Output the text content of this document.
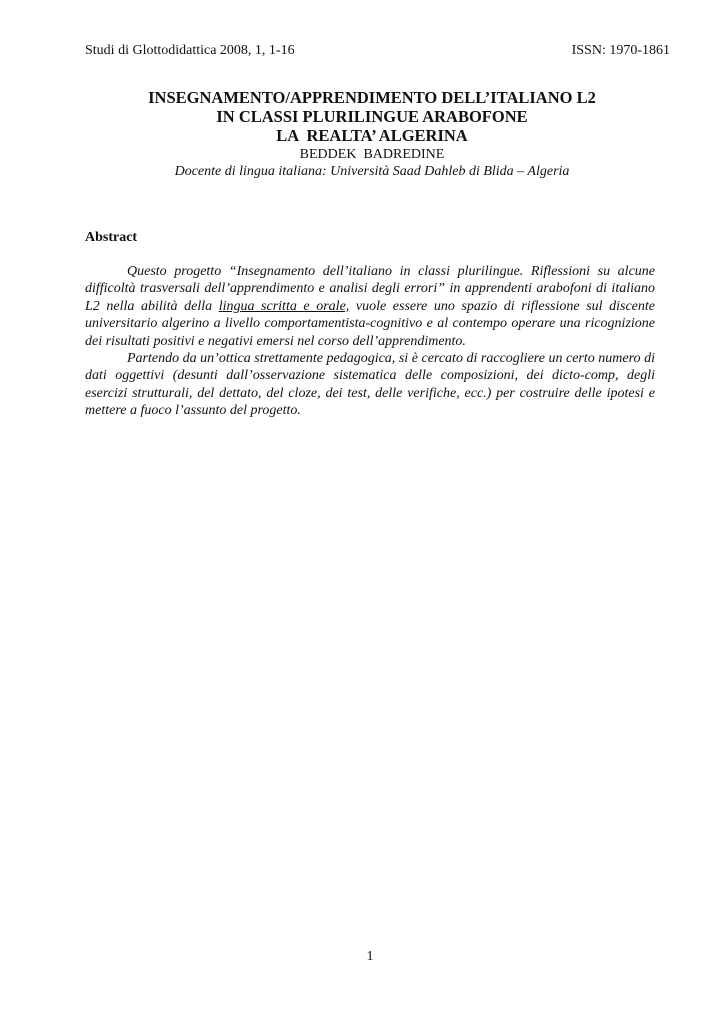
Studi di Glottodidattica 2008, 1, 1-16	ISSN: 1970-1861
INSEGNAMENTO/APPRENDIMENTO DELL’ITALIANO L2
IN CLASSI PLURILINGUE ARABOFONE
LA  REALTA’ ALGERINA
BEDDEK  BADREDINE
Docente di lingua italiana: Università Saad Dahleb di Blida – Algeria
Abstract

Questo progetto “Insegnamento dell’italiano in classi plurilingue. Riflessioni su alcune difficoltà trasversali dell’apprendimento e analisi degli errori” in apprendenti arabofoni di italiano L2 nella abilità della lingua scritta e orale, vuole essere uno spazio di riflessione sul discente universitario algerino a livello comportamentista-cognitivo e al contempo operare una ricognizione dei risultati positivi e negativi emersi nel corso dell’apprendimento.

Partendo da un’ottica strettamente pedagogica, si è cercato di raccogliere un certo numero di dati oggettivi (desunti dall’osservazione sistematica delle composizioni, dei dicto-comp, degli esercizi strutturali, del dettato, del cloze, dei test, delle verifiche, ecc.) per costruire delle ipotesi e mettere a fuoco l’assunto del progetto.

1
